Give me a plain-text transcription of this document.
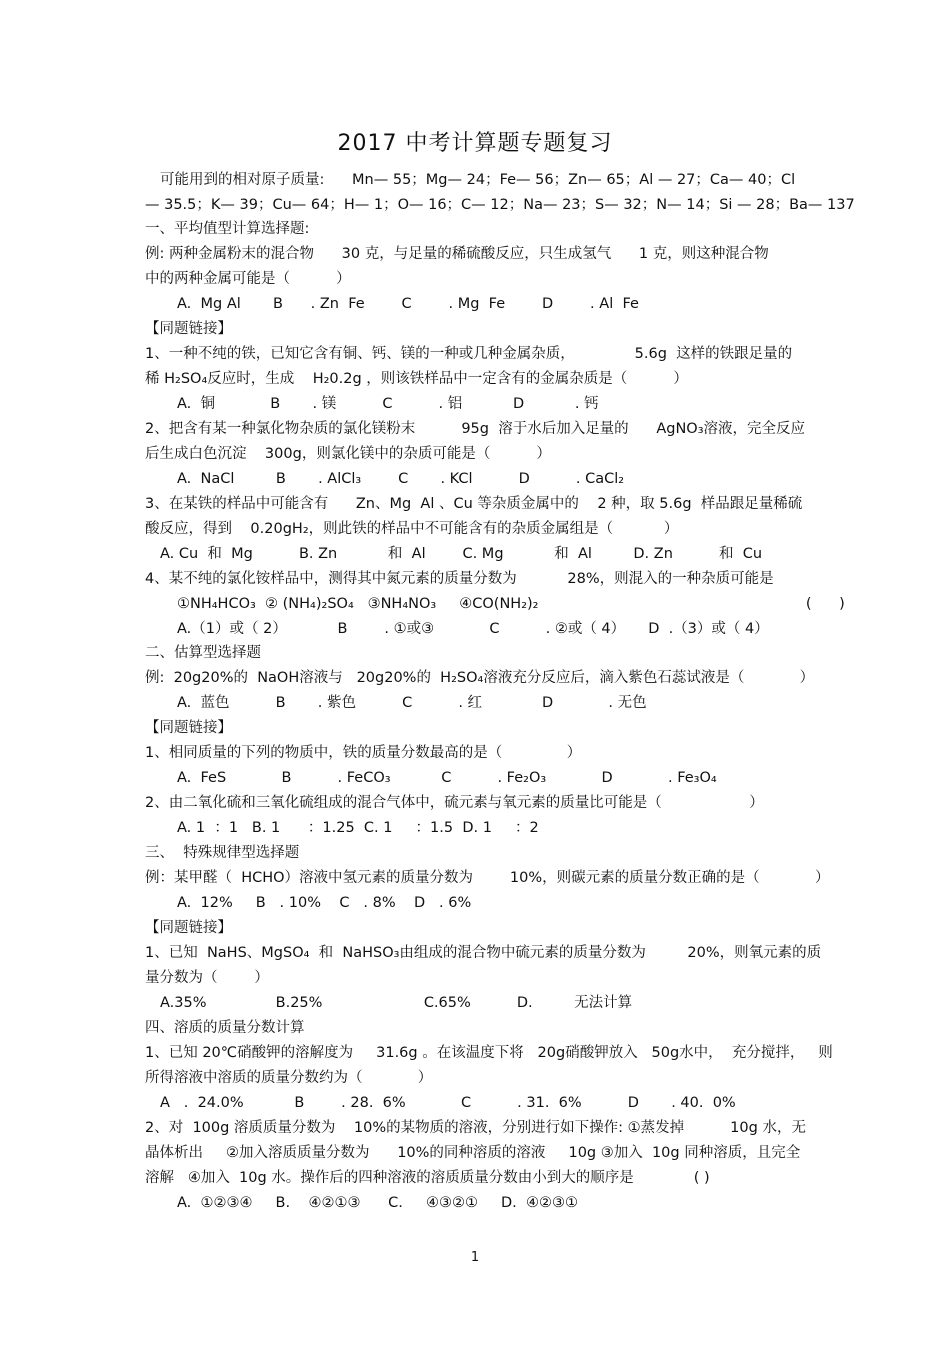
2017 中考计算题专题复习
可能用到的相对原子质量:      Mn— 55；Mg— 24；Fe— 56；Zn— 65；Al — 27；Ca— 40；Cl
— 35.5；K— 39；Cu— 64；H— 1；O— 16；C— 12；Na— 23；S— 32；N— 14；Si — 28；Ba— 137
一、平均值型计算选择题:
例: 两种金属粉末的混合物      30 克，与足量的稀硫酸反应，只生成氢气      1 克，则这种混合物
中的两种金属可能是（          ）
A.  Mg Al       B      . Zn  Fe        C        . Mg  Fe        D        . Al  Fe
【同题链接】
1、一种不纯的铁，已知它含有铜、钙、镁的一种或几种金属杂质，             5.6g  这样的铁跟足量的
稀 H₂SO₄反应时，生成    H₂0.2g ，则该铁样品中一定含有的金属杂质是（          ）
A.  铜            B       . 镁          C          . 铝           D           . 钙
2、把含有某一种氯化物杂质的氯化镁粉末          95g  溶于水后加入足量的      AgNO₃溶液，完全反应
后生成白色沉淀    300g，则氯化镁中的杂质可能是（          ）
A.  NaCl         B       . AlCl₃        C       . KCl          D          . CaCl₂
3、在某铁的样品中可能含有      Zn、Mg  Al 、Cu 等杂质金属中的    2 种，取 5.6g  样品跟足量稀硫
酸反应，得到    0.20gH₂，则此铁的样品中不可能含有的杂质金属组是（           ）
A. Cu  和  Mg          B. Zn           和  Al        C. Mg           和  Al         D. Zn          和  Cu
4、某不纯的氯化铵样品中，测得其中氮元素的质量分数为           28%，则混入的一种杂质可能是
①NH₄HCO₃  ② (NH₄)₂SO₄   ③NH₄NO₃     ④CO(NH₂)₂                                                          (      )
A.（1）或（ 2）           B        . ①或③            C          . ②或（ 4）     D  .（3）或（ 4）
二、估算型选择题
例:  20g20%的  NaOH溶液与   20g20%的  H₂SO₄溶液充分反应后，滴入紫色石蕊试液是（            ）
A.  蓝色          B       . 紫色          C          . 红             D            . 无色
【同题链接】
1、相同质量的下列的物质中，铁的质量分数最高的是（              ）
A.  FeS            B          . FeCO₃           C          . Fe₂O₃            D            . Fe₃O₄
2、由二氧化硫和三氧化硫组成的混合气体中，硫元素与氧元素的质量比可能是（                   ）
A. 1  ：1   B. 1      ：1.25  C. 1     ：1.5  D. 1     ：2
三、  特殊规律型选择题
例：某甲醛（  HCHO）溶液中氢元素的质量分数为        10%，则碳元素的质量分数正确的是（            ）
A.  12%     B   . 10%    C   . 8%    D   . 6%
【同题链接】
1、已知  NaHS、MgSO₄  和  NaHSO₃由组成的混合物中硫元素的质量分数为         20%，则氧元素的质
量分数为（        ）
A.35%               B.25%                      C.65%          D.         无法计算
四、溶质的质量分数计算
1、已知 20℃硝酸钾的溶解度为     31.6g 。在该温度下将   20g硝酸钾放入   50g水中，  充分搅拌，   则
所得溶液中溶质的质量分数约为（            ）
A   .  24.0%           B        . 28.  6%            C          . 31.  6%          D       . 40.  0%
2、对  100g 溶质质量分数为    10%的某物质的溶液，分别进行如下操作: ①蒸发掉          10g 水，无
晶体析出     ②加入溶质质量分数为      10%的同种溶质的溶液     10g ③加入  10g 同种溶质，且完全
溶解   ④加入  10g 水。操作后的四种溶液的溶质质量分数由小到大的顺序是             ( )
A.  ①②③④     B.    ④②①③      C.     ④③②①     D.  ④②③①
1
